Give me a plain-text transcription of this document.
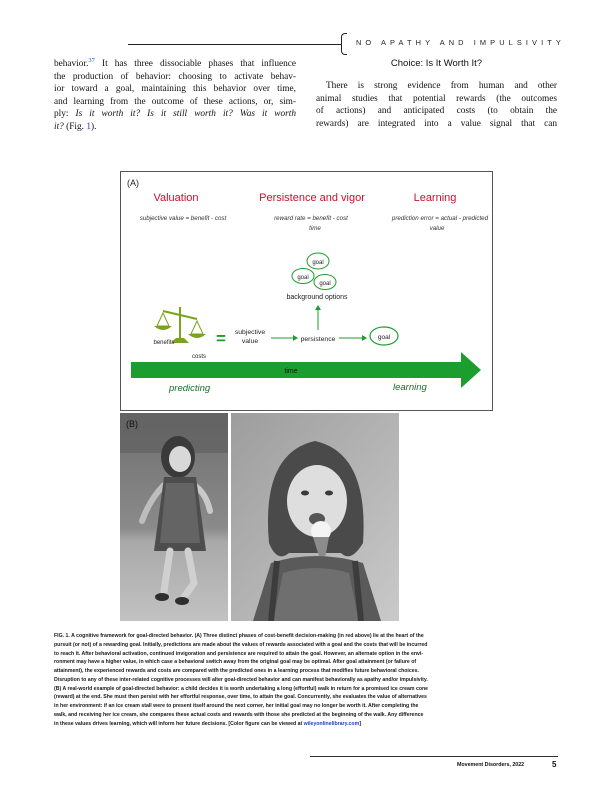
NO APATHY AND IMPULSIVITY
behavior.$^{37}$ It has three dissociable phases that influence
the production of behavior: choosing to activate behav-
ior toward a goal, maintaining this behavior over time,
and learning from the outcome of these actions, or, sim-
ply: Is it worth it? Is it still worth it? Was it worth
it? (Fig. 1).
Choice: Is It Worth It?
There is strong evidence from human and other
animal studies that potential rewards (the outcomes
of actions) and anticipated costs (to obtain the
rewards) are integrated into a value signal that can
(A)
Valuation	Persistence and vigor	Learning
subjective value = benefit - cost	reward rate = benefit - cost
time
prediction error = actual - predicted
value
goal
goal
goal
background options
benefits
costs
= subjective
value	persistence	goal
time
predicting	learning
(B)
FIG. 1. A cognitive framework for goal-directed behavior. (A) Three distinct phases of cost-benefit decision-making (in red above) lie at the heart of the
pursuit (or not) of a rewarding goal. Initially, predictions are made about the values of rewards associated with a goal and the costs that will be incurred
to reach it. After behavioral activation, continued invigoration and persistence are required to attain the goal. However, an alternate option in the envi-
ronment may have a higher value, in which case a behavioral switch away from the original goal may be optimal. After goal attainment (or failure of
attainment), the experienced rewards and costs are compared with the predicted ones in a learning process that modifies future behavioral choices.
Disruption to any of these inter-related cognitive processes will alter goal-directed behavior and can manifest behaviorally as apathy and/or impulsivity.
(B) A real-world example of goal-directed behavior: a child decides it is worth undertaking a long (effortful) walk in return for a promised ice cream cone
(reward) at the end. She must then persist with her effortful response, over time, to attain the goal. Concurrently, she evaluates the value of alternatives
in her environment: if an ice cream stall were to present itself around the next corner, her initial goal may no longer be worth it. After completing the
walk, and receiving her ice cream, she compares these actual costs and rewards with those she predicted at the beginning of the walk. Any difference
in these values drives learning, which will inform her future decisions. [Color figure can be viewed at wileyonlinelibrary.com]
Movement Disorders, 2022	5
